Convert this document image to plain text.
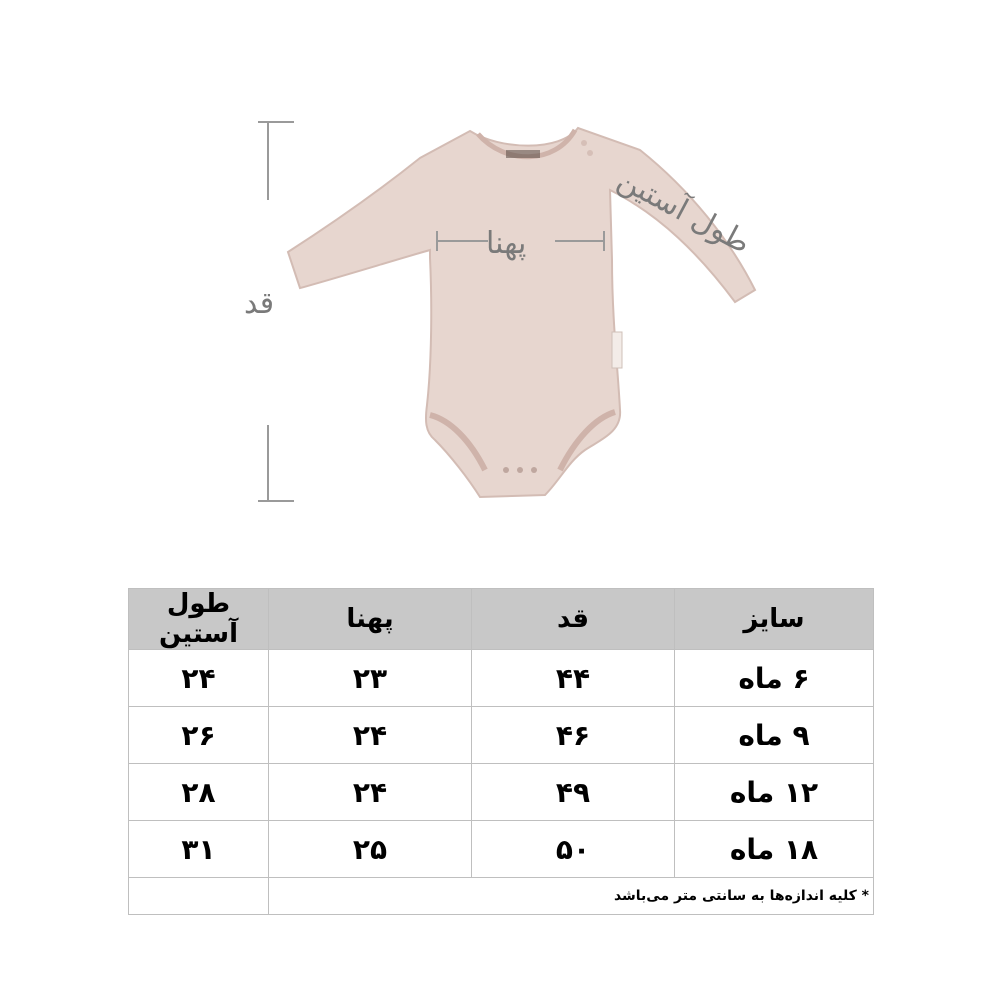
قد
پهنا	طول آستین
سایز	قد	پهنا	طول آستین
۶ ماه	۴۴	۲۳	۲۴
۹ ماه	۴۶	۲۴	۲۶
۱۲ ماه	۴۹	۲۴	۲۸
۱۸ ماه	۵۰	۲۵	۳۱
* کلیه اندازه‌ها به سانتی متر می‌باشد			
